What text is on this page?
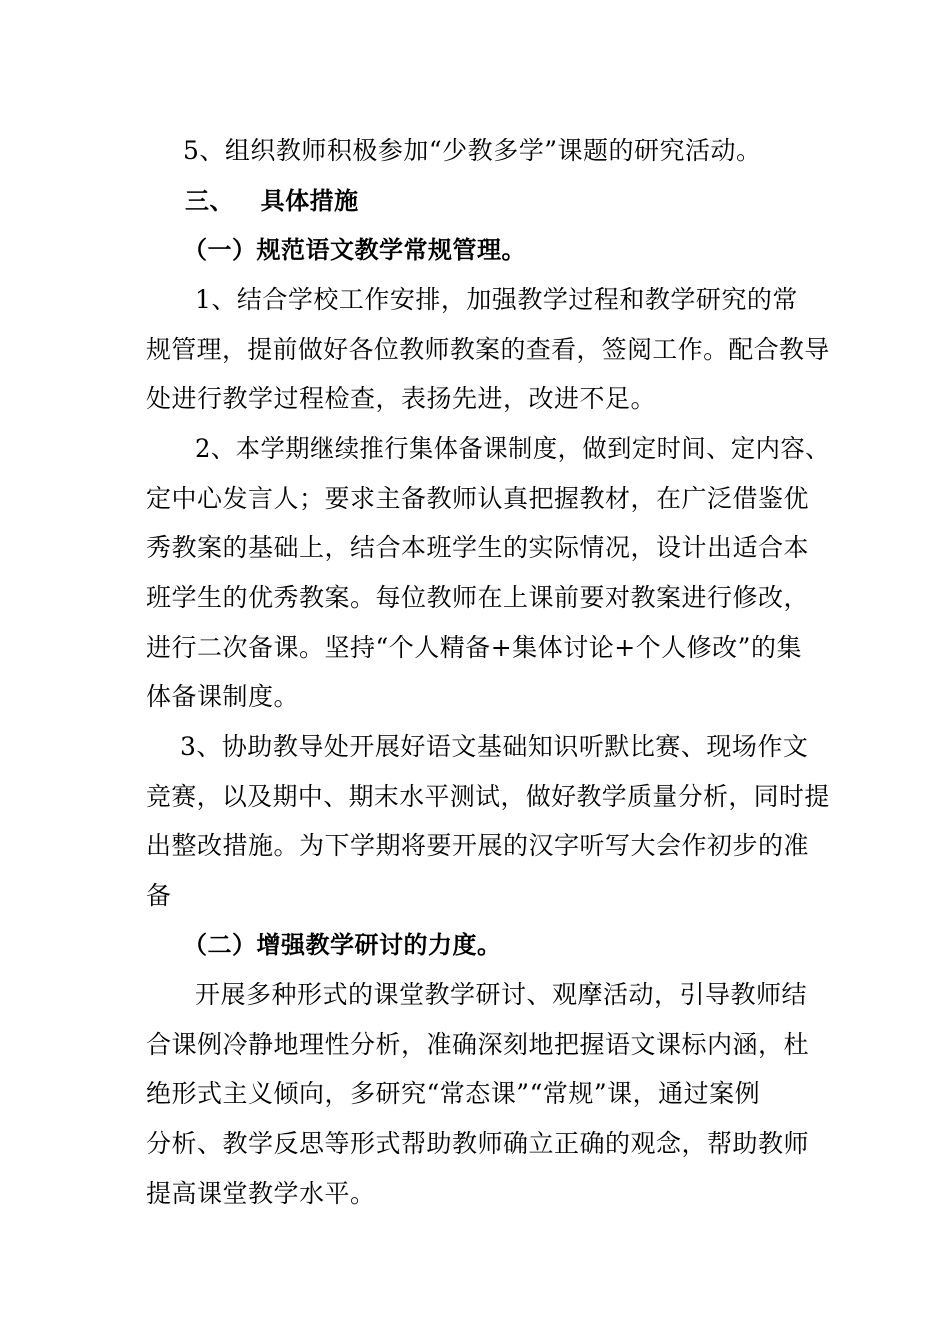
5、组织教师积极参加“少教多学”课题的研究活动。
三、   具体措施
（一）规范语文教学常规管理。
1、结合学校工作安排，加强教学过程和教学研究的常
规管理，提前做好各位教师教案的查看，签阅工作。配合教导
处进行教学过程检查，表扬先进，改进不足。
2、本学期继续推行集体备课制度，做到定时间、定内容、
定中心发言人；要求主备教师认真把握教材，在广泛借鉴优
秀教案的基础上，结合本班学生的实际情况，设计出适合本
班学生的优秀教案。每位教师在上课前要对教案进行修改，
进行二次备课。坚持“个人精备+集体讨论+个人修改”的集
体备课制度。
3、协助教导处开展好语文基础知识听默比赛、现场作文
竞赛，以及期中、期末水平测试，做好教学质量分析，同时提
出整改措施。为下学期将要开展的汉字听写大会作初步的准
备
（二）增强教学研讨的力度。
开展多种形式的课堂教学研讨、观摩活动，引导教师结
合课例冷静地理性分析，准确深刻地把握语文课标内涵，杜
绝形式主义倾向，多研究“常态课”“常规”课，通过案例
分析、教学反思等形式帮助教师确立正确的观念，帮助教师
提高课堂教学水平。
